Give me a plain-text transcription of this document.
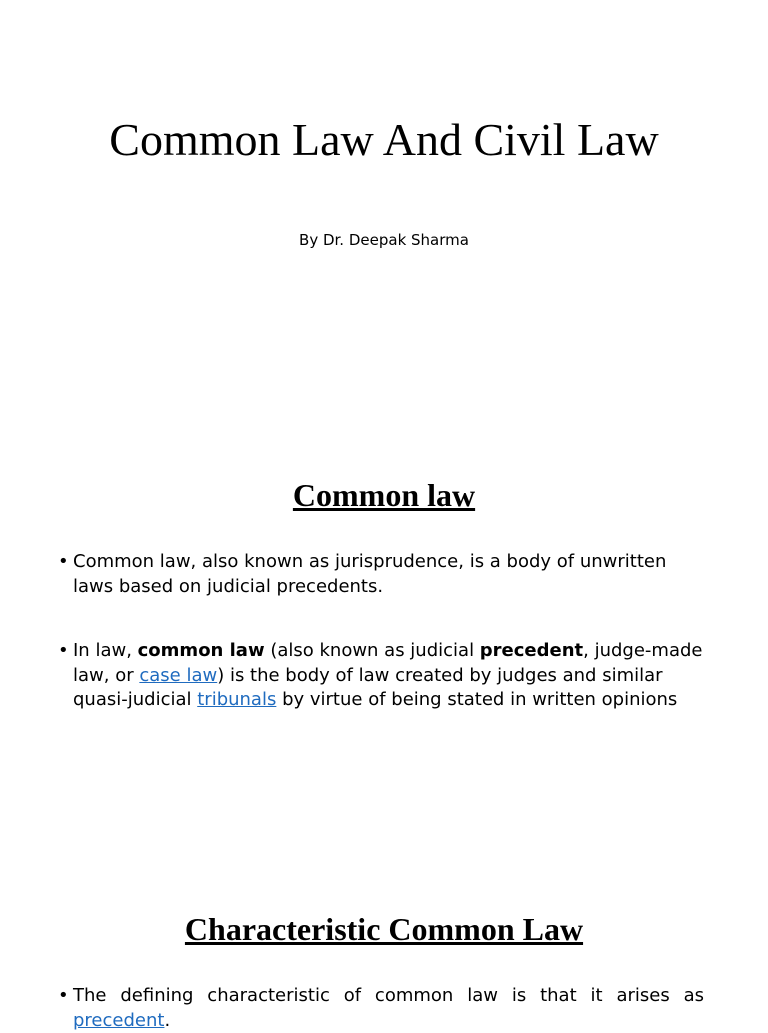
Common Law And Civil Law

By Dr. Deepak Sharma

Common law

• Common law, also known as jurisprudence, is a body of unwritten laws based on judicial precedents.

• In law, common law (also known as judicial precedent, judge-made law, or case law) is the body of law created by judges and similar quasi-judicial tribunals by virtue of being stated in written opinions

Characteristic Common Law

• The defining characteristic of common law is that it arises as precedent.
